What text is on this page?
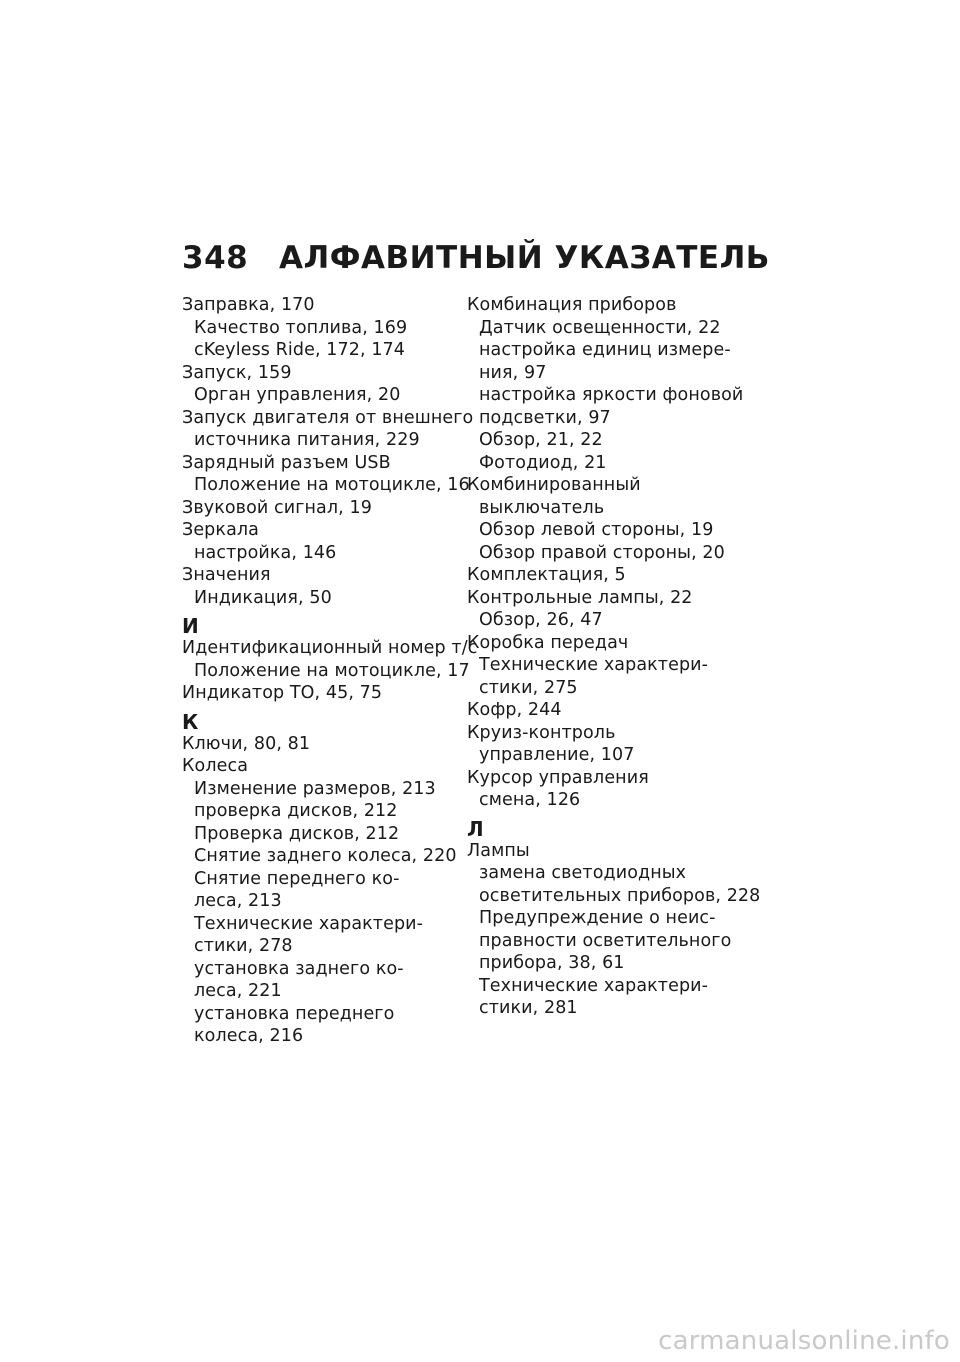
348 АЛФАВИТНЫЙ УКАЗАТЕЛЬ
Заправка, 170
Качество топлива, 169
cKeyless Ride, 172, 174
Запуск, 159
Орган управления, 20
Запуск двигателя от внешнего
источника питания, 229
Зарядный разъем USB
Положение на мотоцикле, 16
Звуковой сигнал, 19
Зеркала
настройка, 146
Значения
Индикация, 50
И
Идентификационный номер т/с
Положение на мотоцикле, 17
Индикатор ТО, 45, 75
К
Ключи, 80, 81
Колеса
Изменение размеров, 213
проверка дисков, 212
Проверка дисков, 212
Снятие заднего колеса, 220
Снятие переднего ко-
леса, 213
Технические характери-
стики, 278
установка заднего ко-
леса, 221
установка переднего
колеса, 216
Комбинация приборов
Датчик освещенности, 22
настройка единиц измере-
ния, 97
настройка яркости фоновой
подсветки, 97
Обзор, 21, 22
Фотодиод, 21
Комбинированный
выключатель
Обзор левой стороны, 19
Обзор правой стороны, 20
Комплектация, 5
Контрольные лампы, 22
Обзор, 26, 47
Коробка передач
Технические характери-
стики, 275
Кофр, 244
Круиз-контроль
управление, 107
Курсор управления
смена, 126
Л
Лампы
замена светодиодных
осветительных приборов, 228
Предупреждение о неис-
правности осветительного
прибора, 38, 61
Технические характери-
стики, 281
carmanualsonline.info
